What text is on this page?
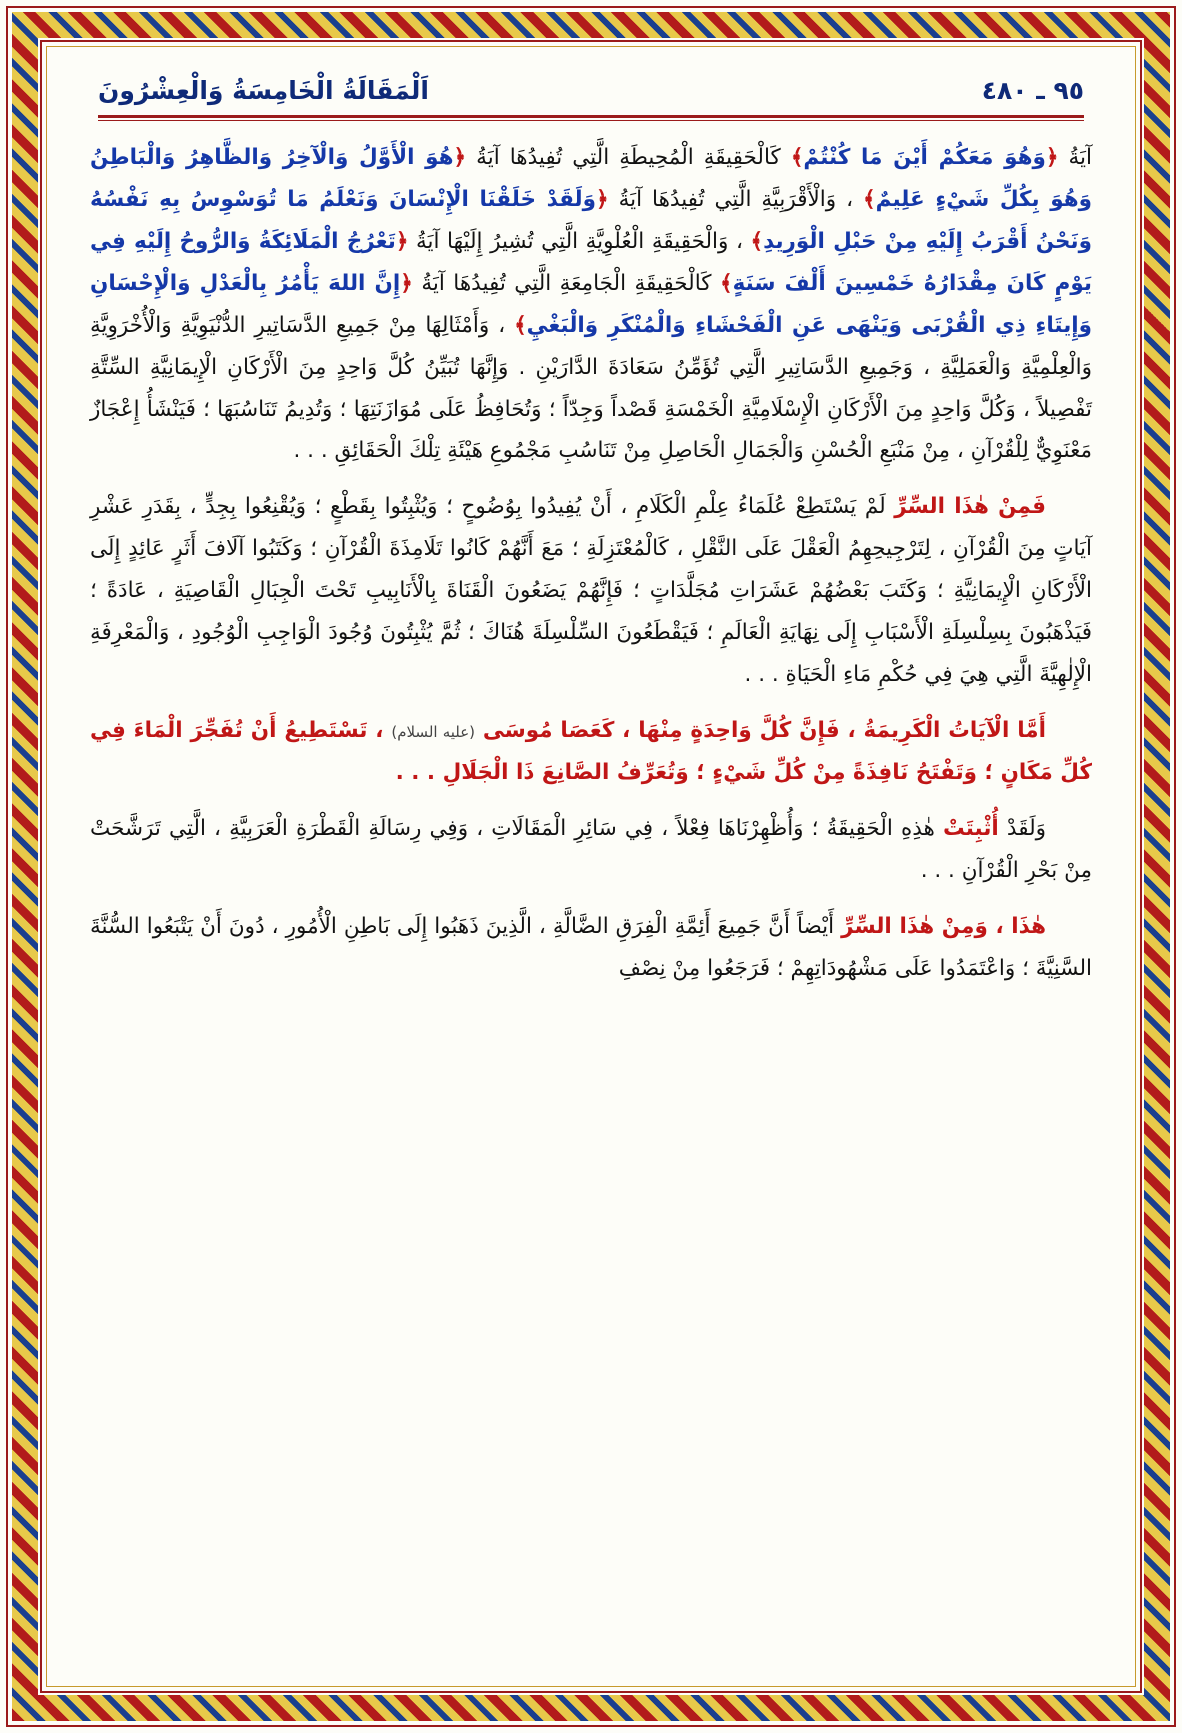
٩٥ ـ ٤٨٠
اَلْمَقَالَةُ الْخَامِسَةُ وَالْعِشْرُونَ

آيَةُ ﴿وَهُوَ مَعَكُمْ أَيْنَ مَا كُنْتُمْ﴾ كَالْحَقِيقَةِ الْمُحِيطَةِ الَّتِي تُفِيدُهَا آيَةُ ﴿هُوَ الْأَوَّلُ وَالْآخِرُ وَالظَّاهِرُ وَالْبَاطِنُ وَهُوَ بِكُلِّ شَيْءٍ عَلِيمٌ﴾ ، وَالْأَقْرَبِيَّةِ الَّتِي تُفِيدُهَا آيَةُ ﴿وَلَقَدْ خَلَقْنَا الْإِنْسَانَ وَنَعْلَمُ مَا تُوَسْوِسُ بِهِ نَفْسُهُ وَنَحْنُ أَقْرَبُ إِلَيْهِ مِنْ حَبْلِ الْوَرِيدِ﴾ ، وَالْحَقِيقَةِ الْعُلْوِيَّةِ الَّتِي تُشِيرُ إِلَيْهَا آيَةُ ﴿تَعْرُجُ الْمَلَائِكَةُ وَالرُّوحُ إِلَيْهِ فِي يَوْمٍ كَانَ مِقْدَارُهُ خَمْسِينَ أَلْفَ سَنَةٍ﴾ كَالْحَقِيقَةِ الْجَامِعَةِ الَّتِي تُفِيدُهَا آيَةُ ﴿إِنَّ اللهَ يَأْمُرُ بِالْعَدْلِ وَالْإِحْسَانِ وَإِيتَاءِ ذِي الْقُرْبَى وَيَنْهَى عَنِ الْفَحْشَاءِ وَالْمُنْكَرِ وَالْبَغْيِ﴾ ، وَأَمْثَالِهَا مِنْ جَمِيعِ الدَّسَاتِيرِ الدُّنْيَوِيَّةِ وَالْأُخْرَوِيَّةِ وَالْعِلْمِيَّةِ وَالْعَمَلِيَّةِ ، وَجَمِيعِ الدَّسَاتِيرِ الَّتِي تُؤَمِّنُ سَعَادَةَ الدَّارَيْنِ . وَإِنَّهَا تُبَيِّنُ كُلَّ وَاحِدٍ مِنَ الْأَرْكَانِ الْإِيمَانِيَّةِ السِّتَّةِ تَفْصِيلاً ، وَكُلَّ وَاحِدٍ مِنَ الْأَرْكَانِ الْإِسْلَامِيَّةِ الْخَمْسَةِ قَصْداً وَجِدّاً ؛ وَتُحَافِظُ عَلَى مُوَازَنَتِهَا ؛ وَتُدِيمُ تَنَاسُبَهَا ؛ فَيَنْشَأُ إِعْجَازٌ مَعْنَوِيٌّ لِلْقُرْآنِ ، مِنْ مَنْبَعِ الْحُسْنِ وَالْجَمَالِ الْحَاصِلِ مِنْ تَنَاسُبِ مَجْمُوعِ هَيْئَةِ تِلْكَ الْحَقَائِقِ . . .

فَمِنْ هٰذَا السِّرِّ لَمْ يَسْتَطِعْ عُلَمَاءُ عِلْمِ الْكَلَامِ ، أَنْ يُفِيدُوا بِوُضُوحٍ ؛ وَيُثْبِتُوا بِقَطْعٍ ؛ وَيُقْنِعُوا بِجِدٍّ ، بِقَدَرِ عَشْرِ آيَاتٍ مِنَ الْقُرْآنِ ، لِتَرْجِيحِهِمُ الْعَقْلَ عَلَى النَّقْلِ ، كَالْمُعْتَزِلَةِ ؛ مَعَ أَنَّهُمْ كَانُوا تَلَامِذَةَ الْقُرْآنِ ؛ وَكَتَبُوا آلَافَ أَثَرٍ عَائِدٍ إِلَى الْأَرْكَانِ الْإِيمَانِيَّةِ ؛ وَكَتَبَ بَعْضُهُمْ عَشَرَاتِ مُجَلَّدَاتٍ ؛ فَإِنَّهُمْ يَضَعُونَ الْقَنَاةَ بِالْأَنَابِيبِ تَحْتَ الْجِبَالِ الْقَاصِيَةِ ، عَادَةً ؛ فَيَذْهَبُونَ بِسِلْسِلَةِ الْأَسْبَابِ إِلَى نِهَايَةِ الْعَالَمِ ؛ فَيَقْطَعُونَ السِّلْسِلَةَ هُنَاكَ ؛ ثُمَّ يُثْبِتُونَ وُجُودَ الْوَاجِبِ الْوُجُودِ ، وَالْمَعْرِفَةِ الْإِلٰهِيَّةَ الَّتِي هِيَ فِي حُكْمِ مَاءِ الْحَيَاةِ . . .

أَمَّا الْآيَاتُ الْكَرِيمَةُ ، فَإِنَّ كُلَّ وَاحِدَةٍ مِنْهَا ، كَعَصَا مُوسَى (عليه السلام) ، تَسْتَطِيعُ أَنْ تُفَجِّرَ الْمَاءَ فِي كُلِّ مَكَانٍ ؛ وَتَفْتَحُ نَافِذَةً مِنْ كُلِّ شَيْءٍ ؛ وَتُعَرِّفُ الصَّانِعَ ذَا الْجَلَالِ . . .

وَلَقَدْ أُثْبِتَتْ هٰذِهِ الْحَقِيقَةُ ؛ وَأُظْهِرْنَاهَا فِعْلاً ، فِي سَائِرِ الْمَقَالَاتِ ، وَفِي رِسَالَةِ الْقَطْرَةِ الْعَرَبِيَّةِ ، الَّتِي تَرَشَّحَتْ مِنْ بَحْرِ الْقُرْآنِ . . .

هٰذَا ، وَمِنْ هٰذَا السِّرِّ أَيْضاً أَنَّ جَمِيعَ أَئِمَّةِ الْفِرَقِ الضَّالَّةِ ، الَّذِينَ ذَهَبُوا إِلَى بَاطِنِ الْأُمُورِ ، دُونَ أَنْ يَتْبَعُوا السُّنَّةَ السَّنِيَّةَ ؛ وَاعْتَمَدُوا عَلَى مَشْهُودَاتِهِمْ ؛ فَرَجَعُوا مِنْ نِصْفِ
